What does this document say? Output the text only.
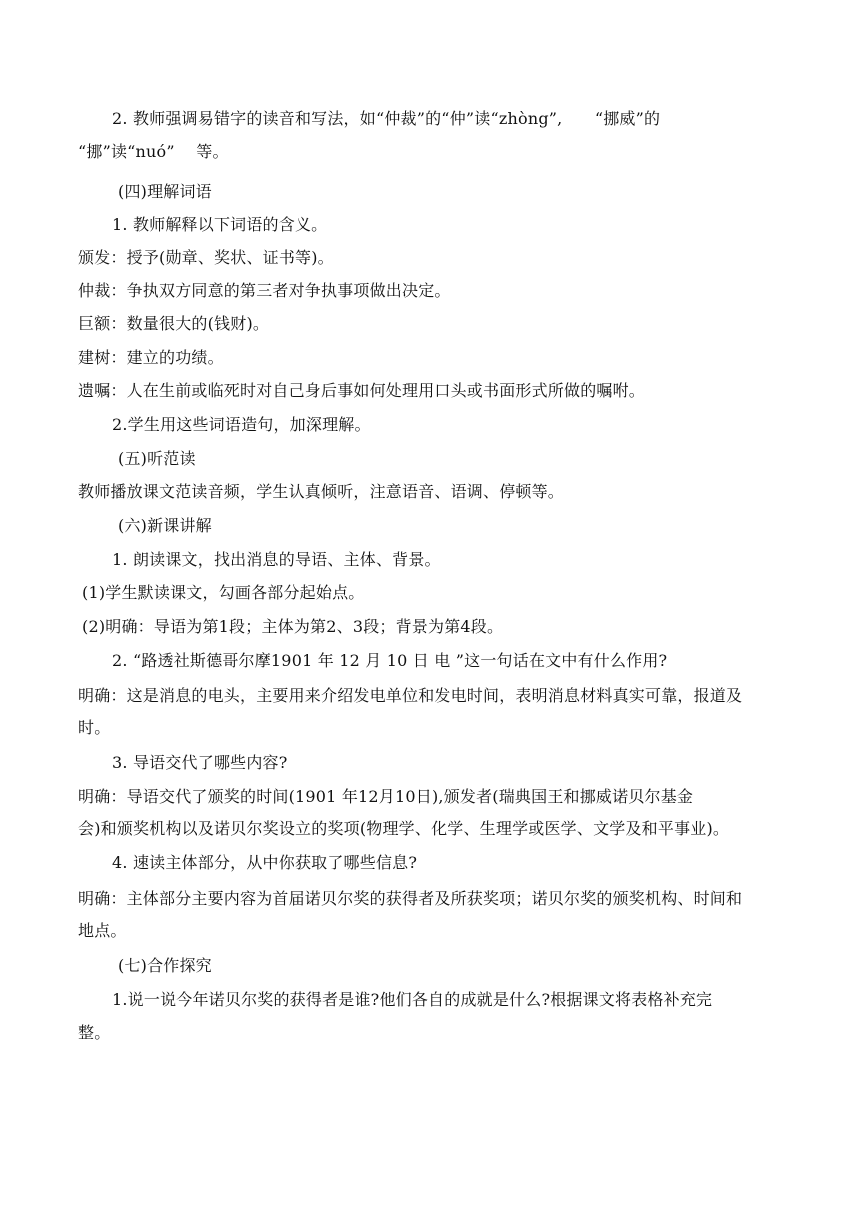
2. 教师强调易错字的读音和写法，如“仲裁”的“仲”读“zhòng”,　　“挪威”的
“挪”读“nuó”　 等。
(四)理解词语
1. 教师解释以下词语的含义。
颁发：授予(勋章、奖状、证书等)。
仲裁：争执双方同意的第三者对争执事项做出决定。
巨额：数量很大的(钱财)。
建树：建立的功绩。
遗嘱：人在生前或临死时对自己身后事如何处理用口头或书面形式所做的嘱咐。
2.学生用这些词语造句，加深理解。
(五)听范读
教师播放课文范读音频，学生认真倾听，注意语音、语调、停顿等。
(六)新课讲解
1. 朗读课文，找出消息的导语、主体、背景。
(1)学生默读课文，勾画各部分起始点。
(2)明确：导语为第1段；主体为第2、3段；背景为第4段。
2. “路透社斯德哥尔摩1901 年 12 月 10 日 电 ”这一句话在文中有什么作用?
明确：这是消息的电头，主要用来介绍发电单位和发电时间，表明消息材料真实可靠，报道及
时。
3. 导语交代了哪些内容?
明确：导语交代了颁奖的时间(1901 年12月10日),颁发者(瑞典国王和挪威诺贝尔基金
会)和颁奖机构以及诺贝尔奖设立的奖项(物理学、化学、生理学或医学、文学及和平事业)。
4. 速读主体部分，从中你获取了哪些信息?
明确：主体部分主要内容为首届诺贝尔奖的获得者及所获奖项；诺贝尔奖的颁奖机构、时间和
地点。
(七)合作探究
1.说一说今年诺贝尔奖的获得者是谁?他们各自的成就是什么?根据课文将表格补充完
整。
